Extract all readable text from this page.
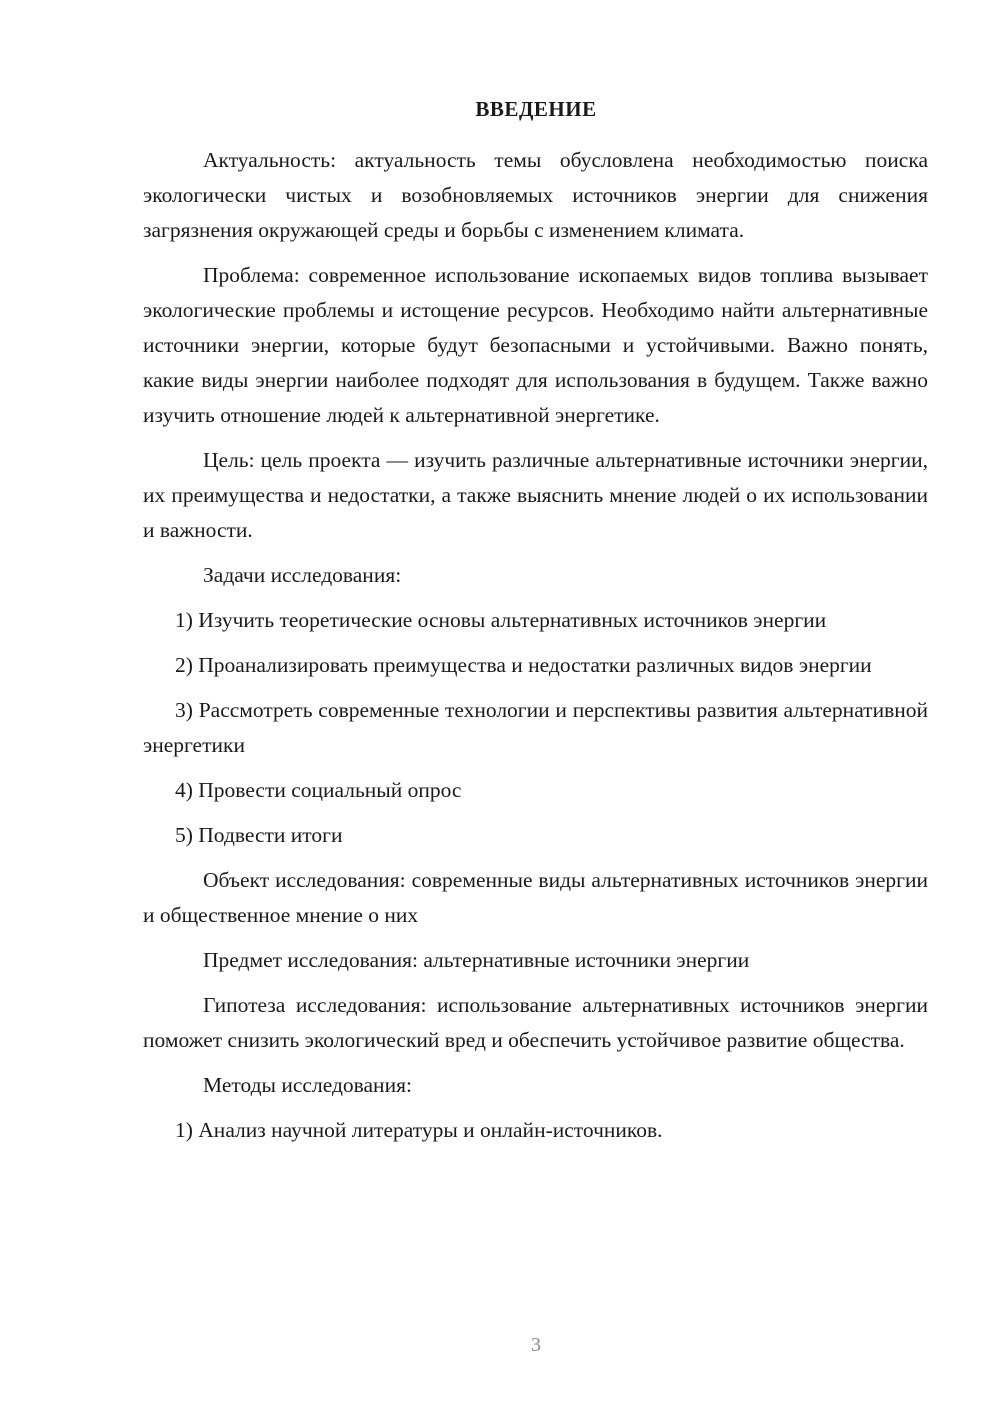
ВВЕДЕНИЕ

Актуальность: актуальность темы обусловлена необходимостью поиска экологически чистых и возобновляемых источников энергии для снижения загрязнения окружающей среды и борьбы с изменением климата.

Проблема: современное использование ископаемых видов топлива вызывает экологические проблемы и истощение ресурсов. Необходимо найти альтернативные источники энергии, которые будут безопасными и устойчивыми. Важно понять, какие виды энергии наиболее подходят для использования в будущем. Также важно изучить отношение людей к альтернативной энергетике.

Цель: цель проекта — изучить различные альтернативные источники энергии, их преимущества и недостатки, а также выяснить мнение людей о их использовании и важности.

Задачи исследования:

1) Изучить теоретические основы альтернативных источников энергии

2) Проанализировать преимущества и недостатки различных видов энергии

3) Рассмотреть современные технологии и перспективы развития альтернативной энергетики

4) Провести социальный опрос

5) Подвести итоги

Объект исследования: современные виды альтернативных источников энергии и общественное мнение о них

Предмет исследования: альтернативные источники энергии

Гипотеза исследования: использование альтернативных источников энергии поможет снизить экологический вред и обеспечить устойчивое развитие общества.

Методы исследования:

1) Анализ научной литературы и онлайн-источников.

3
